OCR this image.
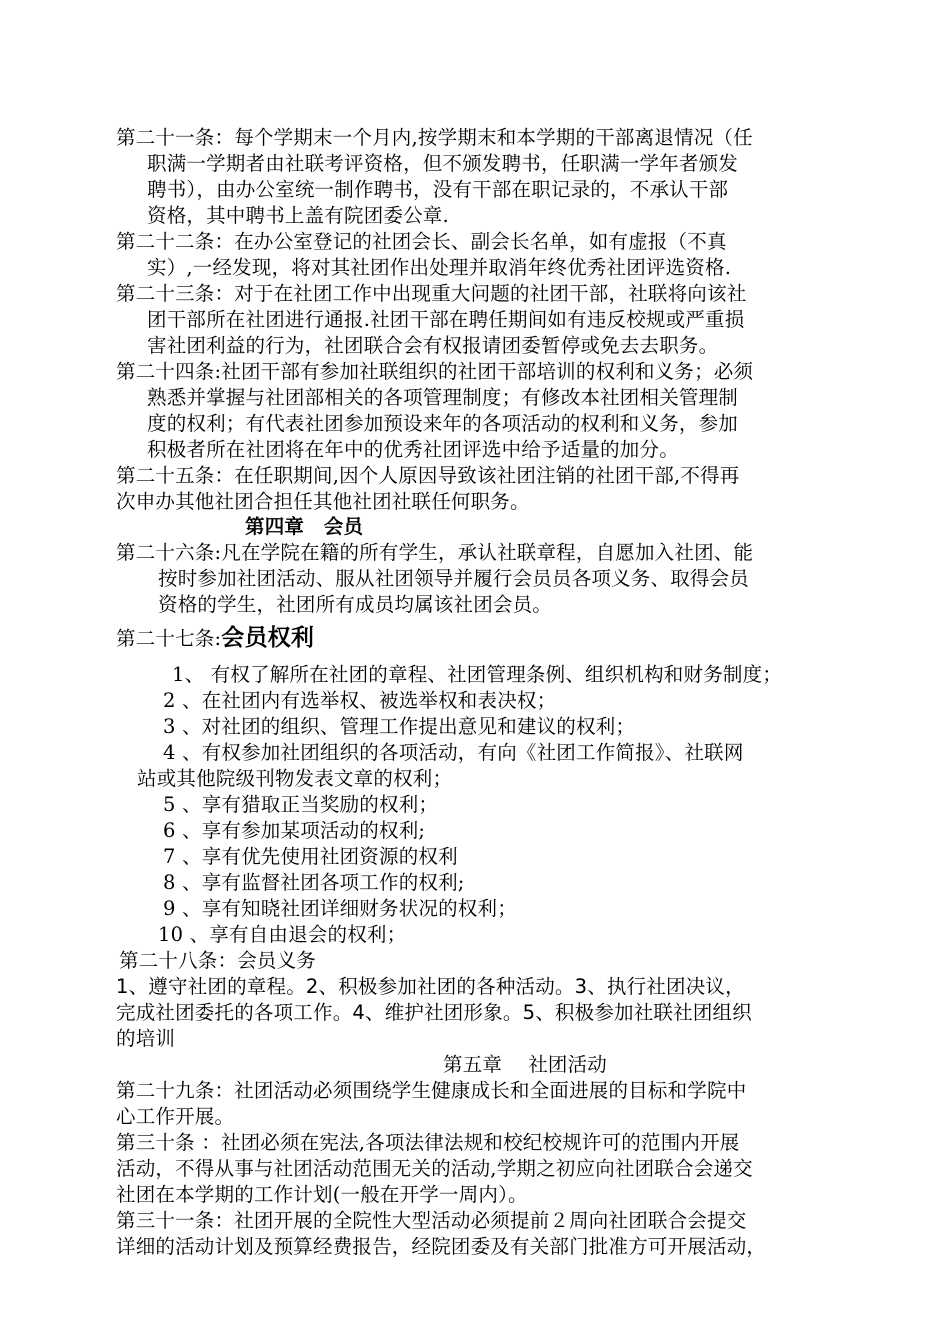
第二十一条：每个学期末一个月内,按学期末和本学期的干部离退情况（任
职满一学期者由社联考评资格，但不颁发聘书，任职满一学年者颁发
聘书），由办公室统一制作聘书，没有干部在职记录的，不承认干部
资格，其中聘书上盖有院团委公章.
第二十二条：在办公室登记的社团会长、副会长名单，如有虚报（不真
实）,一经发现，将对其社团作出处理并取消年终优秀社团评选资格.
第二十三条：对于在社团工作中出现重大问题的社团干部，社联将向该社
团干部所在社团进行通报.社团干部在聘任期间如有违反校规或严重损
害社团利益的行为，社团联合会有权报请团委暂停或免去去职务。
第二十四条:社团干部有参加社联组织的社团干部培训的权利和义务；必须
熟悉并掌握与社团部相关的各项管理制度；有修改本社团相关管理制
度的权利；有代表社团参加预设来年的各项活动的权利和义务，参加
积极者所在社团将在年中的优秀社团评选中给予适量的加分。
第二十五条：在任职期间,因个人原因导致该社团注销的社团干部,不得再
次申办其他社团合担任其他社团社联任何职务。
第四章　会员
第二十六条:凡在学院在籍的所有学生，承认社联章程，自愿加入社团、能
按时参加社团活动、服从社团领导并履行会员员各项义务、取得会员
资格的学生，社团所有成员均属该社团会员。
第二十七条:会员权利
1、 有权了解所在社团的章程、社团管理条例、组织机构和财务制度；
2 、在社团内有选举权、被选举权和表决权；
3 、对社团的组织、管理工作提出意见和建议的权利；
4 、有权参加社团组织的各项活动，有向《社团工作简报》、社联网
站或其他院级刊物发表文章的权利；
5 、享有猎取正当奖励的权利；
6 、享有参加某项活动的权利;
7 、享有优先使用社团资源的权利
8 、享有监督社团各项工作的权利;
9 、享有知晓社团详细财务状况的权利；
10 、享有自由退会的权利；
第二十八条：会员义务
1、遵守社团的章程。2、积极参加社团的各种活动。3、执行社团决议，
完成社团委托的各项工作。4、维护社团形象。5、积极参加社联社团组织
的培训
第五章　 社团活动
第二十九条：社团活动必须围绕学生健康成长和全面进展的目标和学院中
心工作开展。
第三十条 ：社团必须在宪法,各项法律法规和校纪校规许可的范围内开展
活动，不得从事与社团活动范围无关的活动,学期之初应向社团联合会递交
社团在本学期的工作计划(一般在开学一周内）。
第三十一条：社团开展的全院性大型活动必须提前２周向社团联合会提交
详细的活动计划及预算经费报告，经院团委及有关部门批准方可开展活动，
